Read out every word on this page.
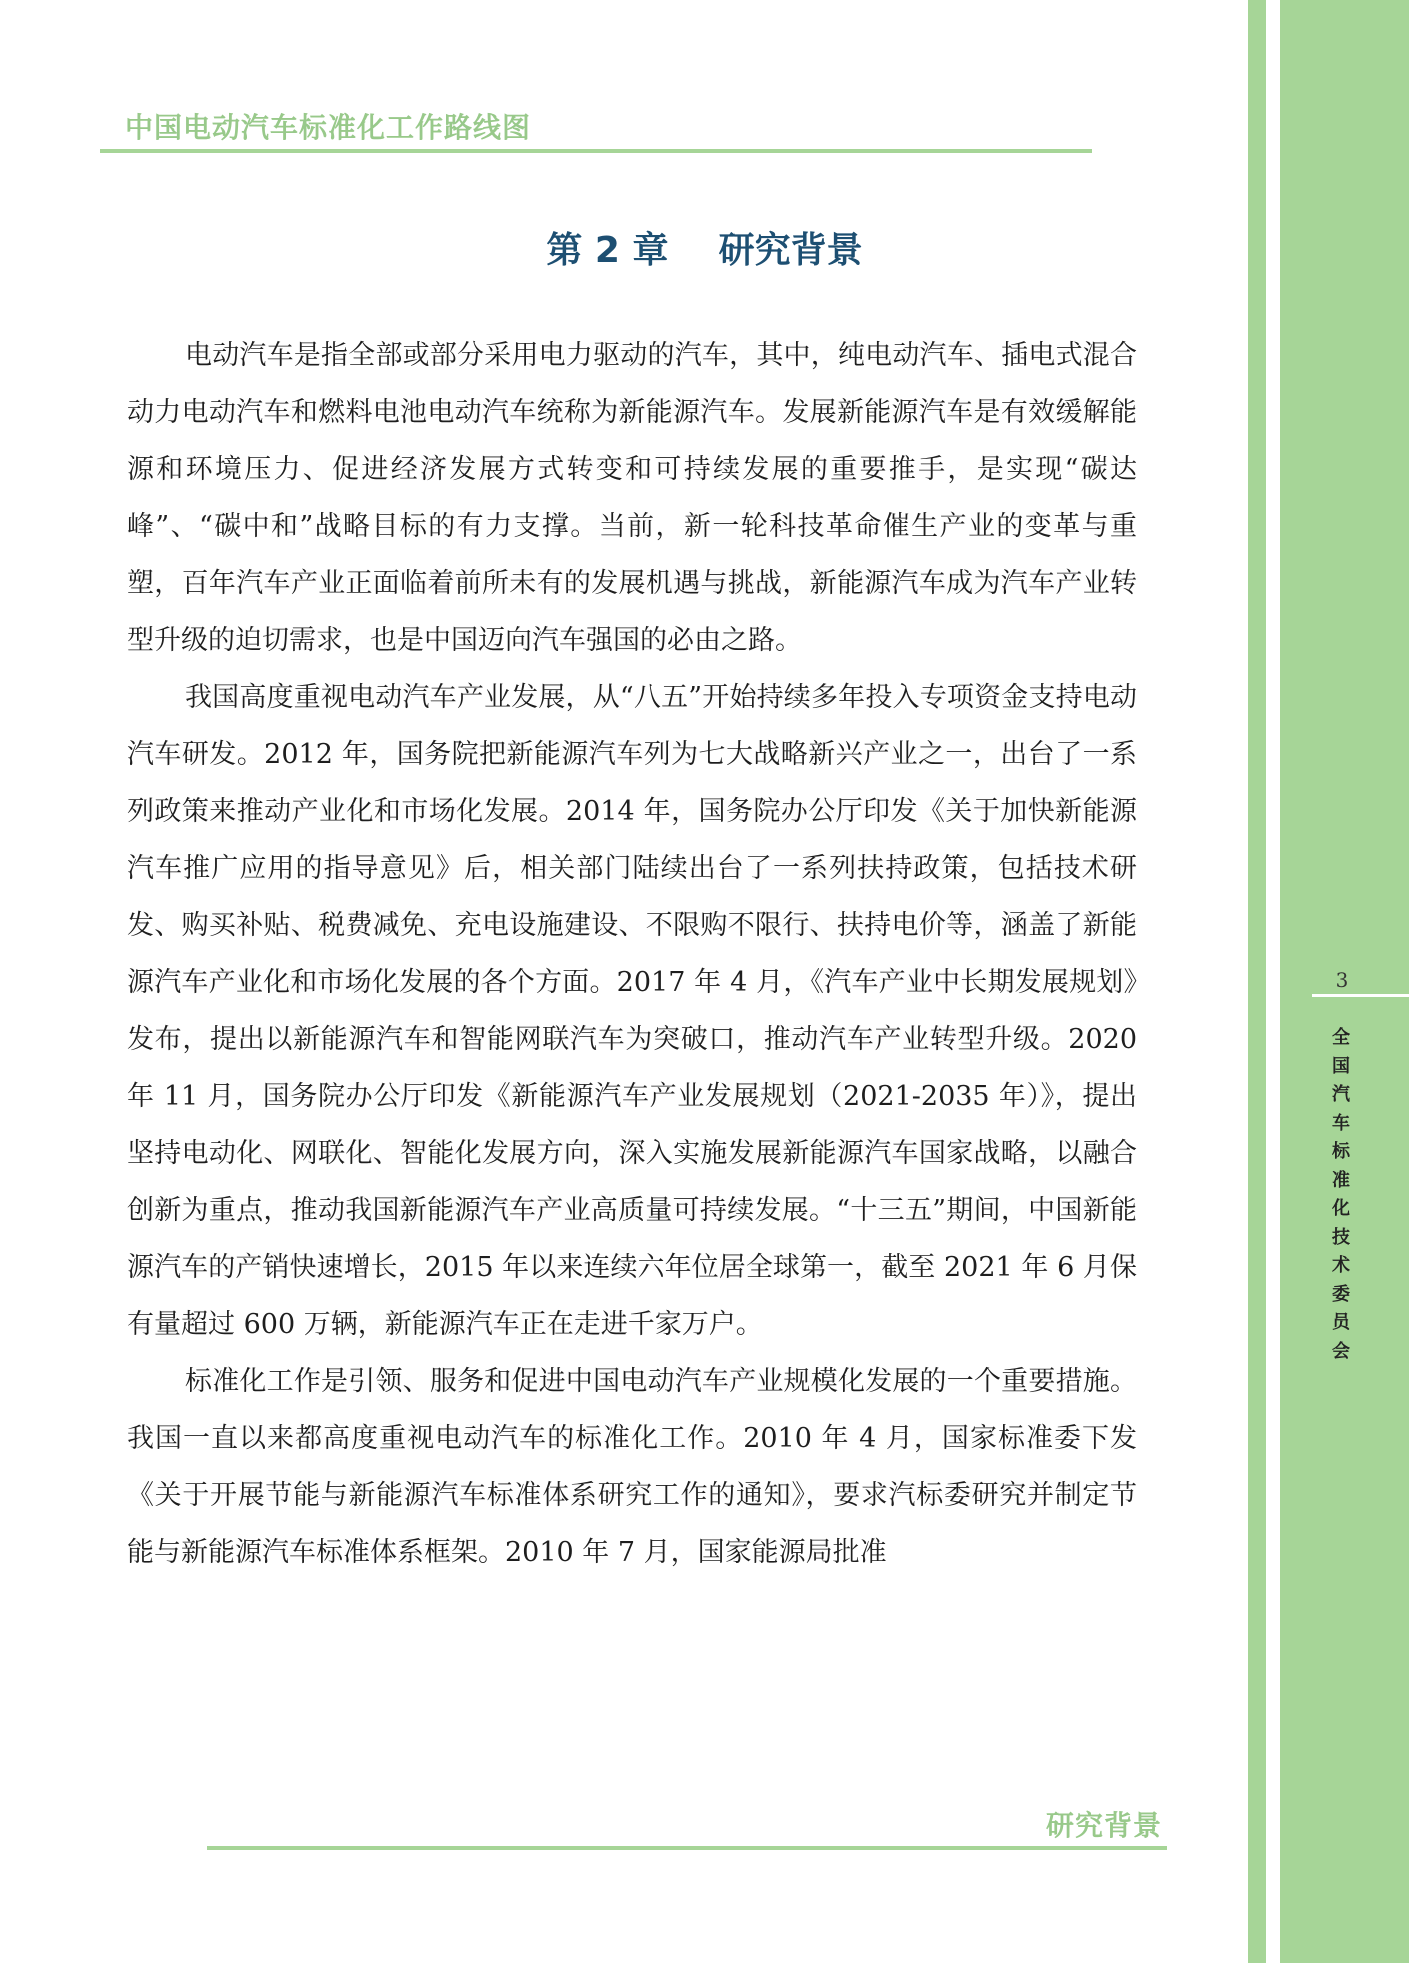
3
全
国
汽
车
标
准
化
技
术
委
员
会
中国电动汽车标准化工作路线图
第 2 章    研究背景

电动汽车是指全部或部分采用电力驱动的汽车，其中，纯电动汽车、插电式混合动力电动汽车和燃料电池电动汽车统称为新能源汽车。发展新能源汽车是有效缓解能源和环境压力、促进经济发展方式转变和可持续发展的重要推手，是实现“碳达峰”、“碳中和”战略目标的有力支撑。当前，新一轮科技革命催生产业的变革与重塑，百年汽车产业正面临着前所未有的发展机遇与挑战，新能源汽车成为汽车产业转型升级的迫切需求，也是中国迈向汽车强国的必由之路。

我国高度重视电动汽车产业发展，从“八五”开始持续多年投入专项资金支持电动汽车研发。2012 年，国务院把新能源汽车列为七大战略新兴产业之一，出台了一系列政策来推动产业化和市场化发展。2014 年，国务院办公厅印发《关于加快新能源汽车推广应用的指导意见》后，相关部门陆续出台了一系列扶持政策，包括技术研发、购买补贴、税费减免、充电设施建设、不限购不限行、扶持电价等，涵盖了新能源汽车产业化和市场化发展的各个方面。2017 年 4 月，《汽车产业中长期发展规划》发布，提出以新能源汽车和智能网联汽车为突破口，推动汽车产业转型升级。2020 年 11 月，国务院办公厅印发《新能源汽车产业发展规划（2021-2035 年）》，提出坚持电动化、网联化、智能化发展方向，深入实施发展新能源汽车国家战略，以融合创新为重点，推动我国新能源汽车产业高质量可持续发展。“十三五”期间，中国新能源汽车的产销快速增长，2015 年以来连续六年位居全球第一，截至 2021 年 6 月保有量超过 600 万辆，新能源汽车正在走进千家万户。

标准化工作是引领、服务和促进中国电动汽车产业规模化发展的一个重要措施。我国一直以来都高度重视电动汽车的标准化工作。2010 年 4 月，国家标准委下发《关于开展节能与新能源汽车标准体系研究工作的通知》，要求汽标委研究并制定节能与新能源汽车标准体系框架。2010 年 7 月，国家能源局批准

研究背景
